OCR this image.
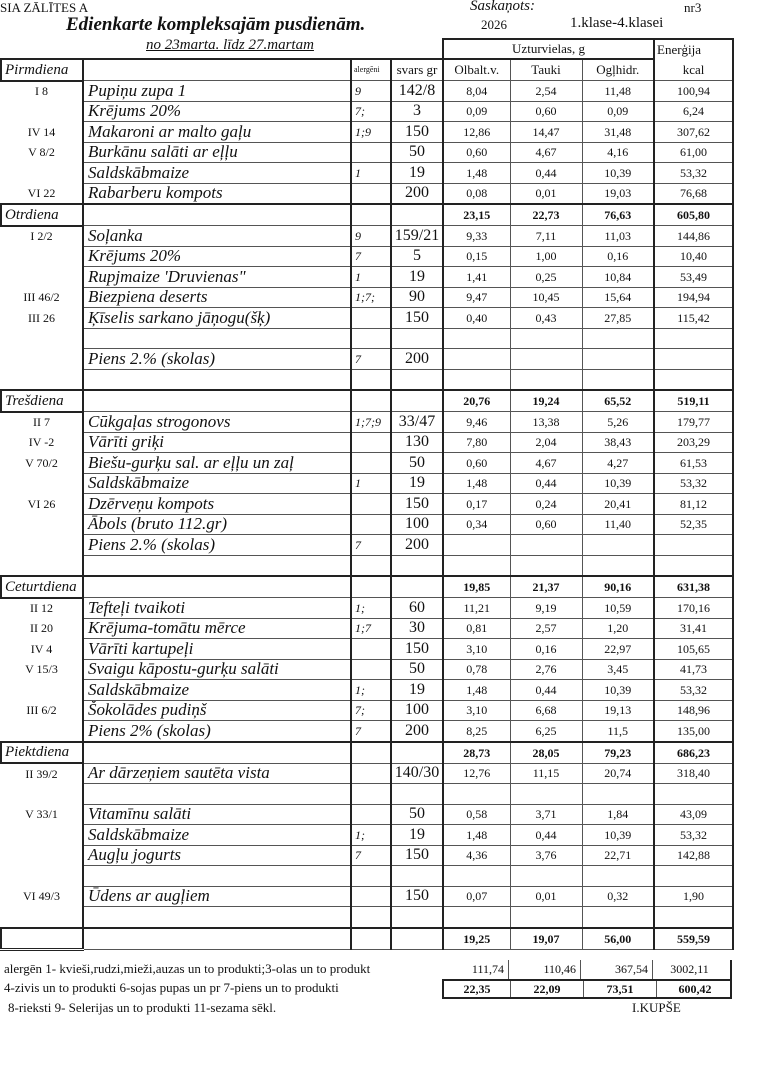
SIA ZĀLĪTES A
Edienkarte kompleksajām pusdienām.
no 23marta. līdz 27.martam
Saskaņots:	nr3
2026	1.klase-4.klasei
				Uzturvielas, g			Enerģija
Pirmdiena		alergēni	svars gr	Olbalt.v.	Tauki	Ogļhidr.	kcal
I 8	Pupiņu zupa 1	9	142/8	8,04	2,54	11,48	100,94
	Krējums 20%	7;	3	0,09	0,60	0,09	6,24
IV 14	Makaroni ar malto gaļu	1;9	150	12,86	14,47	31,48	307,62
V 8/2	Burkānu salāti ar eļļu		50	0,60	4,67	4,16	61,00
	Saldskābmaize	1	19	1,48	0,44	10,39	53,32
VI 22	Rabarberu kompots		200	0,08	0,01	19,03	76,68
Otrdiena				23,15	22,73	76,63	605,80
I 2/2	Soļanka	9	159/21	9,33	7,11	11,03	144,86
	Krējums 20%	7	5	0,15	1,00	0,16	10,40
	Rupjmaize 'Druvienas"	1	19	1,41	0,25	10,84	53,49
III 46/2	Biezpiena deserts	1;7;	90	9,47	10,45	15,64	194,94
III 26	Ķīselis sarkano jāņogu(šķ)		150	0,40	0,43	27,85	115,42

	Piens 2.% (skolas)	7	200				

Trešdiena				20,76	19,24	65,52	519,11
II 7	Cūkgaļas strogonovs	1;7;9	33/47	9,46	13,38	5,26	179,77
IV -2	Vārīti griķi		130	7,80	2,04	38,43	203,29
V 70/2	Biešu-gurķu sal. ar eļļu un zaļ		50	0,60	4,67	4,27	61,53
	Saldskābmaize	1	19	1,48	0,44	10,39	53,32
VI 26	Dzērveņu kompots		150	0,17	0,24	20,41	81,12
	Ābols (bruto 112.gr)		100	0,34	0,60	11,40	52,35
	Piens 2.% (skolas)	7	200				

Ceturtdiena				19,85	21,37	90,16	631,38
II 12	Tefteļi tvaikoti	1;	60	11,21	9,19	10,59	170,16
II 20	Krējuma-tomātu mērce	1;7	30	0,81	2,57	1,20	31,41
IV 4	Vārīti kartupeļi		150	3,10	0,16	22,97	105,65
V 15/3	Svaigu kāpostu-gurķu salāti		50	0,78	2,76	3,45	41,73
	Saldskābmaize	1;	19	1,48	0,44	10,39	53,32
III 6/2	Šokolādes pudiņš	7;	100	3,10	6,68	19,13	148,96
	Piens 2% (skolas)	7	200	8,25	6,25	11,5	135,00
Piektdiena				28,73	28,05	79,23	686,23
II 39/2	Ar dārzeņiem sautēta vista		140/30	12,76	11,15	20,74	318,40

V 33/1	Vitamīnu salāti		50	0,58	3,71	1,84	43,09
	Saldskābmaize	1;	19	1,48	0,44	10,39	53,32
	Augļu jogurts	7	150	4,36	3,76	22,71	142,88

VI 49/3	Ūdens ar augļiem		150	0,07	0,01	0,32	1,90

				19,25	19,07	56,00	559,59
alergēn 1- kvieši,rudzi,mieži,auzas un to produkti;3-olas un to produkt
4-zivis un to produkti 6-sojas pupas un pr 7-piens un to produkti
8-rieksti 9- Selerijas un to produkti 11-sezama sēkl.	I.KUPŠE
111,74	110,46	367,54	3002,11
22,35	22,09	73,51	600,42
